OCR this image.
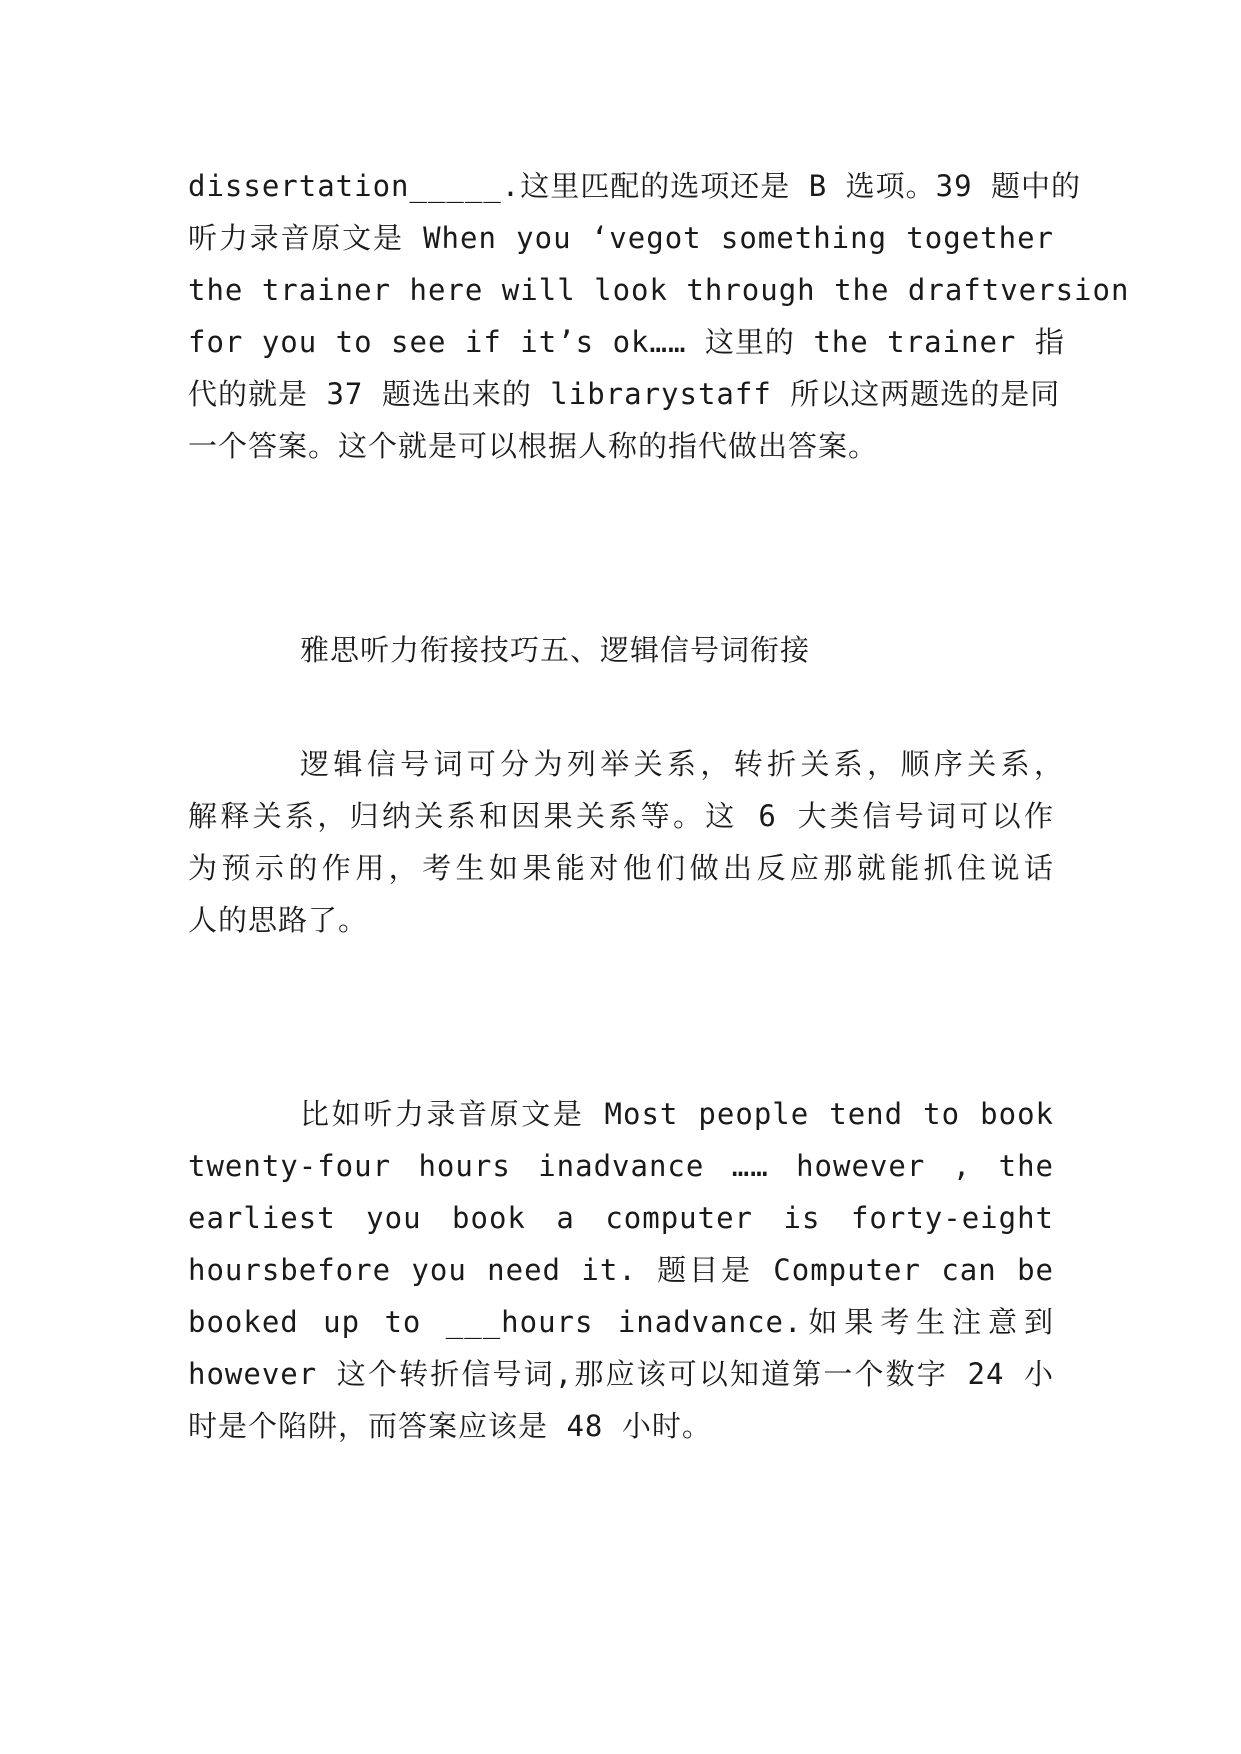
dissertation_____.这里匹配的选项还是 B 选项。39 题中的
听力录音原文是 When you ‘vegot something together
the trainer here will look through the draftversion
for you to see if it’s ok…… 这里的 the trainer 指
代的就是 37 题选出来的 librarystaff 所以这两题选的是同
一个答案。这个就是可以根据人称的指代做出答案。
雅思听力衔接技巧五、逻辑信号词衔接
逻辑信号词可分为列举关系，转折关系，顺序关系，
解释关系，归纳关系和因果关系等。这 6 大类信号词可以作
为预示的作用，考生如果能对他们做出反应那就能抓住说话
人的思路了。
比如听力录音原文是 Most people tend to book
twenty-four hours inadvance …… however , the
earliest you book a computer is forty-eight
hoursbefore you need it. 题目是 Computer can be
booked up to ___hours inadvance.如果考生注意到
however 这个转折信号词,那应该可以知道第一个数字 24 小
时是个陷阱，而答案应该是 48 小时。
